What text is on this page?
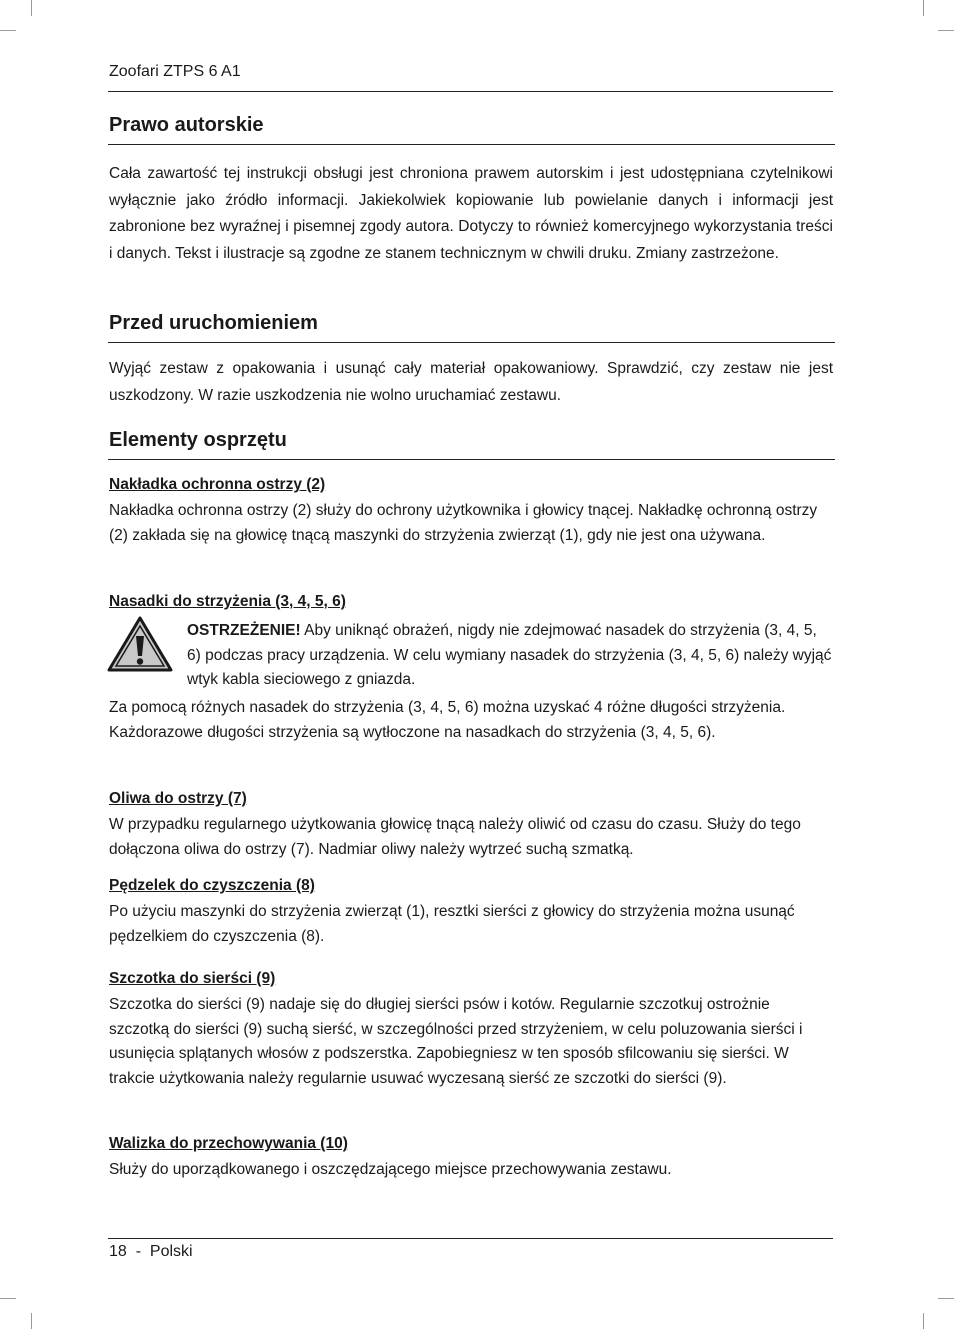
Zoofari ZTPS 6 A1
Prawo autorskie

Cała zawartość tej instrukcji obsługi jest chroniona prawem autorskim i jest udostępniana czytelnikowi wyłącznie jako źródło informacji. Jakiekolwiek kopiowanie lub powielanie danych i informacji jest zabronione bez wyraźnej i pisemnej zgody autora. Dotyczy to również komercyjnego wykorzystania treści i danych. Tekst i ilustracje są zgodne ze stanem technicznym w chwili druku. Zmiany zastrzeżone.

Przed uruchomieniem

Wyjąć zestaw z opakowania i usunąć cały materiał opakowaniowy. Sprawdzić, czy zestaw nie jest uszkodzony. W razie uszkodzenia nie wolno uruchamiać zestawu.

Elementy osprzętu

Nakładka ochronna ostrzy (2)

Nakładka ochronna ostrzy (2) służy do ochrony użytkownika i głowicy tnącej. Nakładkę ochronną ostrzy (2) zakłada się na głowicę tnącą maszynki do strzyżenia zwierząt (1), gdy nie jest ona używana.

Nasadki do strzyżenia (3, 4, 5, 6)

OSTRZEŻENIE! Aby uniknąć obrażeń, nigdy nie zdejmować nasadek do strzyżenia (3, 4, 5, 6) podczas pracy urządzenia. W celu wymiany nasadek do strzyżenia (3, 4, 5, 6) należy wyjąć wtyk kabla sieciowego z gniazda.

Za pomocą różnych nasadek do strzyżenia (3, 4, 5, 6) można uzyskać 4 różne długości strzyżenia. Każdorazowe długości strzyżenia są wytłoczone na nasadkach do strzyżenia (3, 4, 5, 6).

Oliwa do ostrzy (7)

W przypadku regularnego użytkowania głowicę tnącą należy oliwić od czasu do czasu. Służy do tego dołączona oliwa do ostrzy (7). Nadmiar oliwy należy wytrzeć suchą szmatką.

Pędzelek do czyszczenia (8)

Po użyciu maszynki do strzyżenia zwierząt (1), resztki sierści z głowicy do strzyżenia można usunąć pędzelkiem do czyszczenia (8).

Szczotka do sierści (9)

Szczotka do sierści (9) nadaje się do długiej sierści psów i kotów. Regularnie szczotkuj ostrożnie szczotką do sierści (9) suchą sierść, w szczególności przed strzyżeniem, w celu poluzowania sierści i usunięcia splątanych włosów z podszerstka. Zapobiegniesz w ten sposób sfilcowaniu się sierści. W trakcie użytkowania należy regularnie usuwać wyczesaną sierść ze szczotki do sierści (9).

Walizka do przechowywania (10)

Służy do uporządkowanego i oszczędzającego miejsce przechowywania zestawu.

18  -  Polski
